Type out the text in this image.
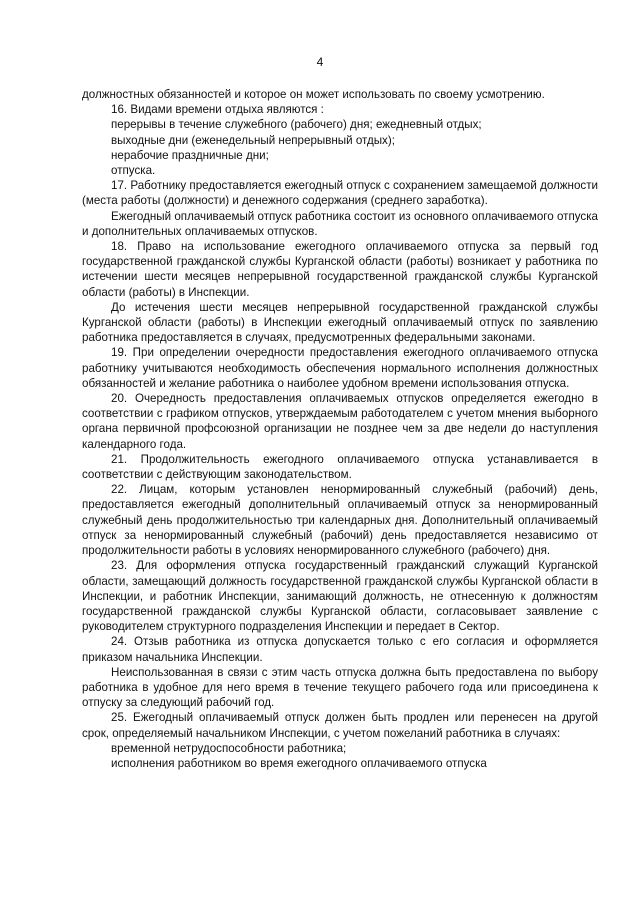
4

должностных обязанностей и которое он может использовать по своему усмотрению.

16. Видами времени отдыха являются :

перерывы в течение служебного (рабочего) дня; ежедневный отдых;

выходные дни (еженедельный непрерывный отдых);

нерабочие праздничные дни;

отпуска.

17. Работнику предоставляется ежегодный отпуск с сохранением замещаемой должности (места работы (должности) и денежного содержания (среднего заработка).

Ежегодный оплачиваемый отпуск работника состоит из основного оплачиваемого отпуска и дополнительных оплачиваемых отпусков.

18. Право на использование ежегодного оплачиваемого отпуска за первый год государственной гражданской службы Курганской области (работы) возникает у работника по истечении шести месяцев непрерывной государственной гражданской службы Курганской области (работы) в Инспекции.

До истечения шести месяцев непрерывной государственной гражданской службы Курганской области (работы) в Инспекции ежегодный оплачиваемый отпуск по заявлению работника предоставляется в случаях, предусмотренных федеральными законами.

19. При определении очередности предоставления ежегодного оплачиваемого отпуска работнику учитываются необходимость обеспечения нормального исполнения должностных обязанностей и желание работника о наиболее удобном времени использования отпуска.

20. Очередность предоставления оплачиваемых отпусков определяется ежегодно в соответствии с графиком отпусков, утверждаемым работодателем с учетом мнения выборного органа первичной профсоюзной организации не позднее чем за две недели до наступления календарного года.

21. Продолжительность ежегодного оплачиваемого отпуска устанавливается в соответствии с действующим законодательством.

22. Лицам, которым установлен ненормированный служебный (рабочий) день, предоставляется ежегодный дополнительный оплачиваемый отпуск за ненормированный служебный день продолжительностью три календарных дня. Дополнительный оплачиваемый отпуск за ненормированный служебный (рабочий) день предоставляется независимо от продолжительности работы в условиях ненормированного служебного (рабочего) дня.

23. Для оформления отпуска государственный гражданский служащий Курганской области, замещающий должность государственной гражданской службы Курганской области в Инспекции, и работник Инспекции, занимающий должность, не отнесенную к должностям государственной гражданской службы Курганской области, согласовывает заявление с руководителем структурного подразделения Инспекции и передает в Сектор.

24. Отзыв работника из отпуска допускается только с его согласия и оформляется приказом начальника Инспекции.

Неиспользованная в связи с этим часть отпуска должна быть предоставлена по выбору работника в удобное для него время в течение текущего рабочего года или присоединена к отпуску за следующий рабочий год.

25. Ежегодный оплачиваемый отпуск должен быть продлен или перенесен на другой срок, определяемый начальником Инспекции, с учетом пожеланий работника в случаях:

временной нетрудоспособности работника;

исполнения работником во время ежегодного оплачиваемого отпуска
